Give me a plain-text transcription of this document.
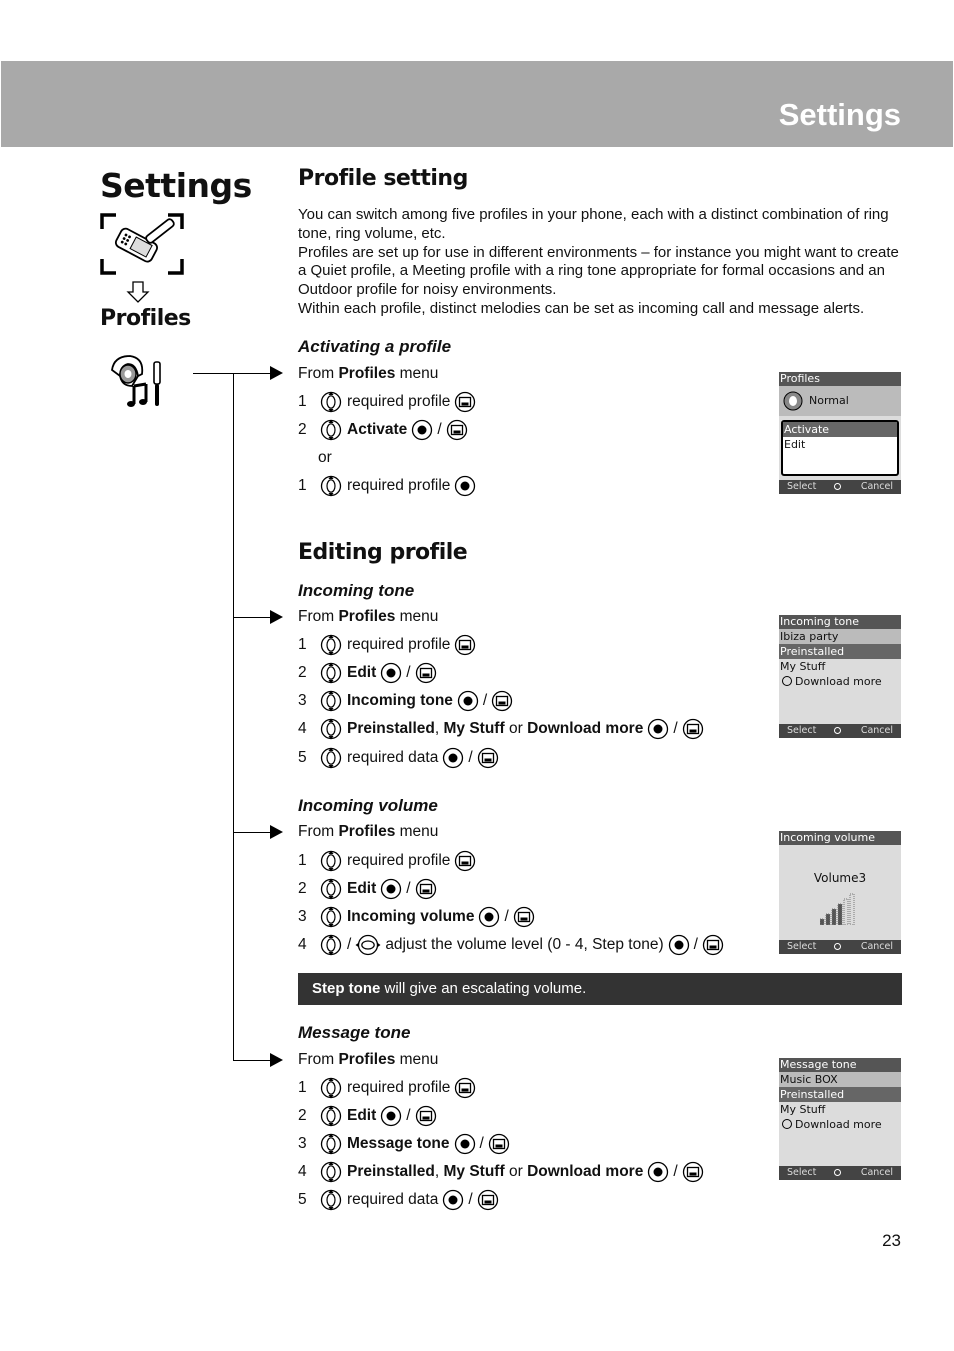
Settings
Settings
Profiles
Profile setting
You can switch among five profiles in your phone, each with a distinct combination of ring tone, ring volume, etc.
Profiles are set up for use in different environments – for instance you might want to create a Quiet profile, a Meeting profile with a ring tone appropriate for formal occasions and an Outdoor profile for noisy environments.
Within each profile, distinct melodies can be set as incoming call and message alerts.
Activating a profile
From Profiles menu
1	required profile
2	Activate /
or
1	required profile
Profiles
Normal
Activate
Edit
Select	Cancel
Editing profile
Incoming tone
From Profiles menu
1	required profile
2	Edit /
3	Incoming tone /
4	Preinstalled, My Stuff or Download more /
5	required data /
Incoming tone
Ibiza party
Preinstalled
My Stuff
Download more
Select	Cancel
Incoming volume
From Profiles menu
1	required profile
2	Edit /
3	Incoming volume /
4	/ adjust the volume level (0 - 4, Step tone) /
Incoming volume
Volume3
Select	Cancel
Step tone will give an escalating volume.
Message tone
From Profiles menu
1	required profile
2	Edit /
3	Message tone /
4	Preinstalled, My Stuff or Download more /
5	required data /
Message tone
Music BOX
Preinstalled
My Stuff
Download more
Select	Cancel
23
